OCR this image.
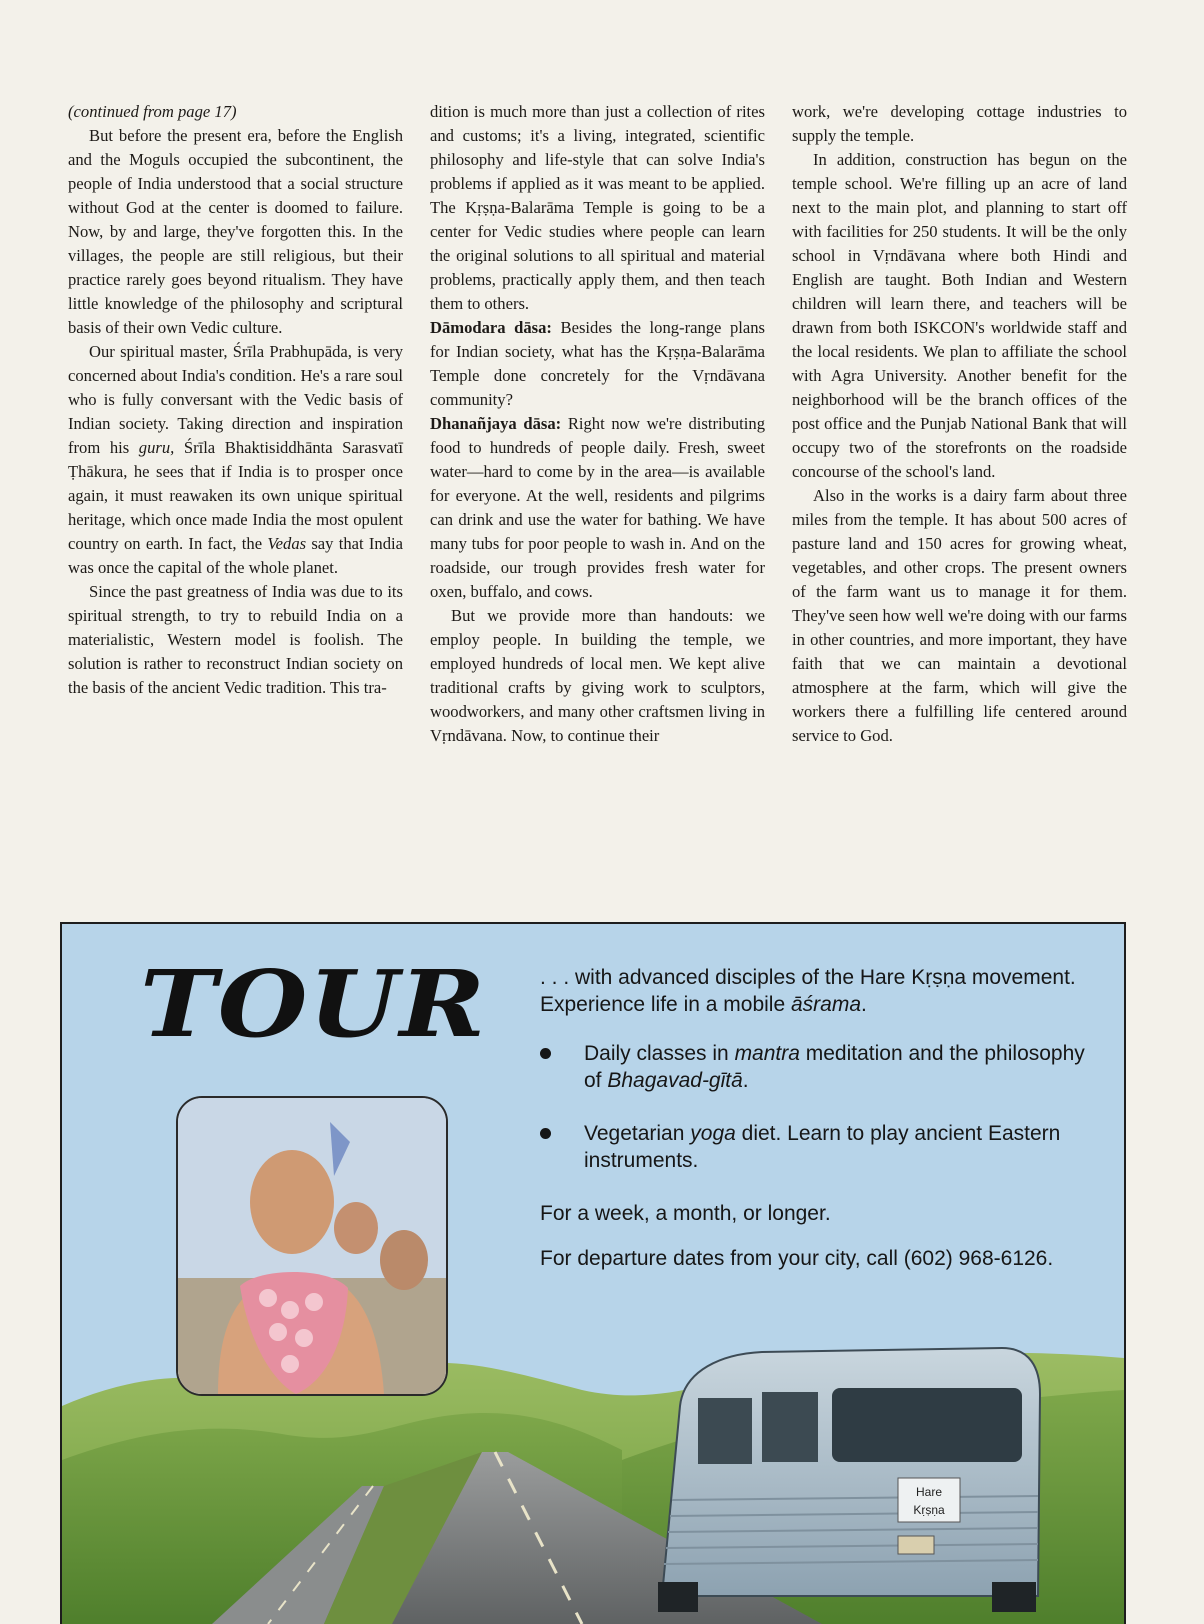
(continued from page 17)

But before the present era, before the English and the Moguls occupied the subcontinent, the people of India understood that a social structure without God at the center is doomed to failure. Now, by and large, they've forgotten this. In the villages, the people are still religious, but their practice rarely goes beyond ritualism. They have little knowledge of the philosophy and scriptural basis of their own Vedic culture.

Our spiritual master, Śrīla Prabhupāda, is very concerned about India's condition. He's a rare soul who is fully conversant with the Vedic basis of Indian society. Taking direction and inspiration from his guru, Śrīla Bhaktisiddhānta Sarasvatī Ṭhākura, he sees that if India is to prosper once again, it must reawaken its own unique spiritual heritage, which once made India the most opulent country on earth. In fact, the Vedas say that India was once the capital of the whole planet.

Since the past greatness of India was due to its spiritual strength, to try to rebuild India on a materialistic, Western model is foolish. The solution is rather to reconstruct Indian society on the basis of the ancient Vedic tradition. This tra-

dition is much more than just a collection of rites and customs; it's a living, integrated, scientific philosophy and life-style that can solve India's problems if applied as it was meant to be applied. The Kṛṣṇa-Balarāma Temple is going to be a center for Vedic studies where people can learn the original solutions to all spiritual and material problems, practically apply them, and then teach them to others.

Dāmodara dāsa: Besides the long-range plans for Indian society, what has the Kṛṣṇa-Balarāma Temple done concretely for the Vṛndāvana community?

Dhanañjaya dāsa: Right now we're distributing food to hundreds of people daily. Fresh, sweet water—hard to come by in the area—is available for everyone. At the well, residents and pilgrims can drink and use the water for bathing. We have many tubs for poor people to wash in. And on the roadside, our trough provides fresh water for oxen, buffalo, and cows.

But we provide more than handouts: we employ people. In building the temple, we employed hundreds of local men. We kept alive traditional crafts by giving work to sculptors, woodworkers, and many other craftsmen living in Vṛndāvana. Now, to continue their

work, we're developing cottage industries to supply the temple.

In addition, construction has begun on the temple school. We're filling up an acre of land next to the main plot, and planning to start off with facilities for 250 students. It will be the only school in Vṛndāvana where both Hindi and English are taught. Both Indian and Western children will learn there, and teachers will be drawn from both ISKCON's worldwide staff and the local residents. We plan to affiliate the school with Agra University. Another benefit for the neighborhood will be the branch offices of the post office and the Punjab National Bank that will occupy two of the storefronts on the roadside concourse of the school's land.

Also in the works is a dairy farm about three miles from the temple. It has about 500 acres of pasture land and 150 acres for growing wheat, vegetables, and other crops. The present owners of the farm want us to manage it for them. They've seen how well we're doing with our farms in other countries, and more important, they have faith that we can maintain a devotional atmosphere at the farm, which will give the workers there a fulfilling life centered around service to God.

TOUR	. . . with advanced disciples of the Hare Kṛṣṇa movement. Experience life in a mobile āśrama.

Daily classes in mantra meditation and the philosophy of Bhagavad-gītā.
Vegetarian yoga diet. Learn to play ancient Eastern instruments.

For a week, a month, or longer.

For departure dates from your city, call (602) 968-6126.

Hare
Kṛṣṇa
